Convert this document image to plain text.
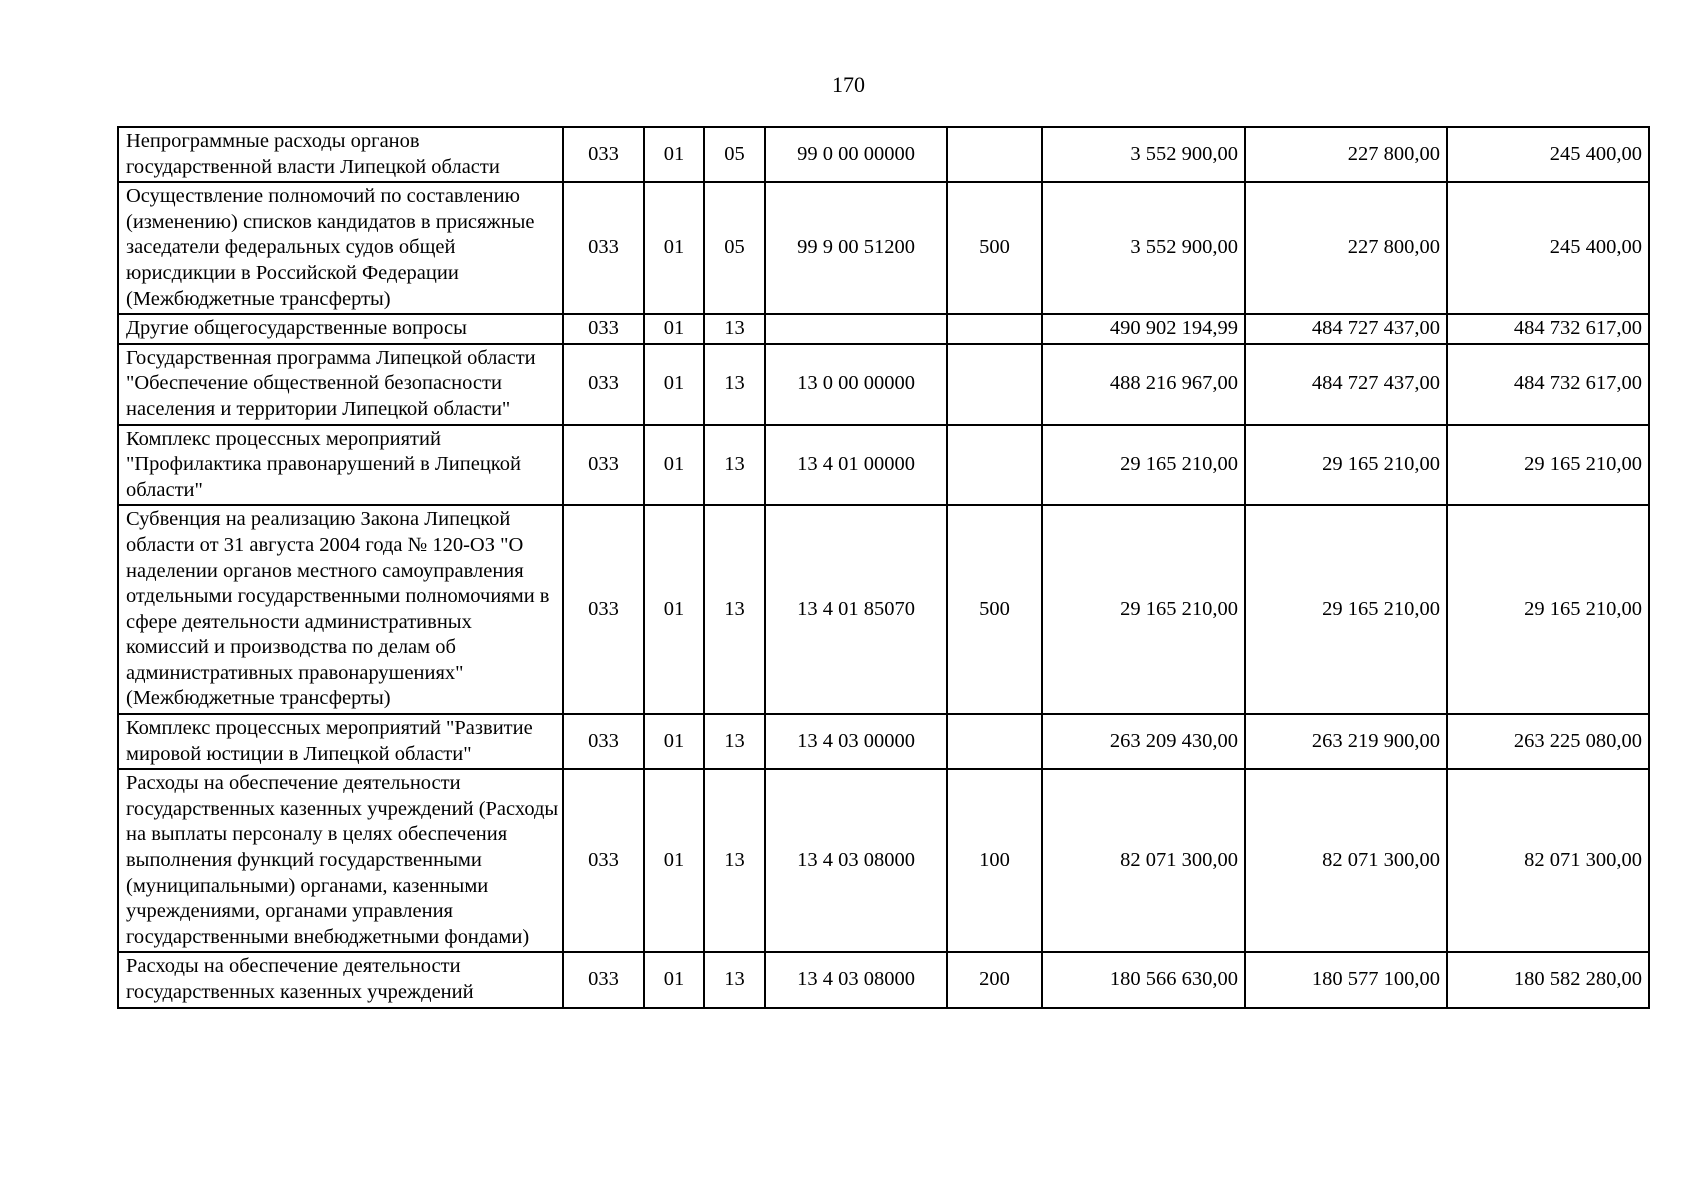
170
Непрограммные расходы органов государственной власти Липецкой области	033	01	05	99 0 00 00000		3 552 900,00	227 800,00	245 400,00
Осуществление полномочий по составлению (изменению) списков кандидатов в присяжные заседатели федеральных судов общей юрисдикции в Российской Федерации (Межбюджетные трансферты)	033	01	05	99 9 00 51200	500	3 552 900,00	227 800,00	245 400,00
Другие общегосударственные вопросы	033	01	13			490 902 194,99	484 727 437,00	484 732 617,00
Государственная программа Липецкой области "Обеспечение общественной безопасности населения и территории Липецкой области"	033	01	13	13 0 00 00000		488 216 967,00	484 727 437,00	484 732 617,00
Комплекс процессных мероприятий "Профилактика правонарушений в Липецкой области"	033	01	13	13 4 01 00000		29 165 210,00	29 165 210,00	29 165 210,00
Субвенция на реализацию Закона Липецкой области от 31 августа 2004 года № 120-ОЗ "О наделении органов местного самоуправления отдельными государственными полномочиями в сфере деятельности административных комиссий и производства по делам об административных правонарушениях" (Межбюджетные трансферты)	033	01	13	13 4 01 85070	500	29 165 210,00	29 165 210,00	29 165 210,00
Комплекс процессных мероприятий "Развитие мировой юстиции в Липецкой области"	033	01	13	13 4 03 00000		263 209 430,00	263 219 900,00	263 225 080,00
Расходы на обеспечение деятельности государственных казенных учреждений (Расходы на выплаты персоналу в целях обеспечения выполнения функций государственными (муниципальными) органами, казенными учреждениями, органами управления государственными внебюджетными фондами)	033	01	13	13 4 03 08000	100	82 071 300,00	82 071 300,00	82 071 300,00
Расходы на обеспечение деятельности государственных казенных учреждений	033	01	13	13 4 03 08000	200	180 566 630,00	180 577 100,00	180 582 280,00
